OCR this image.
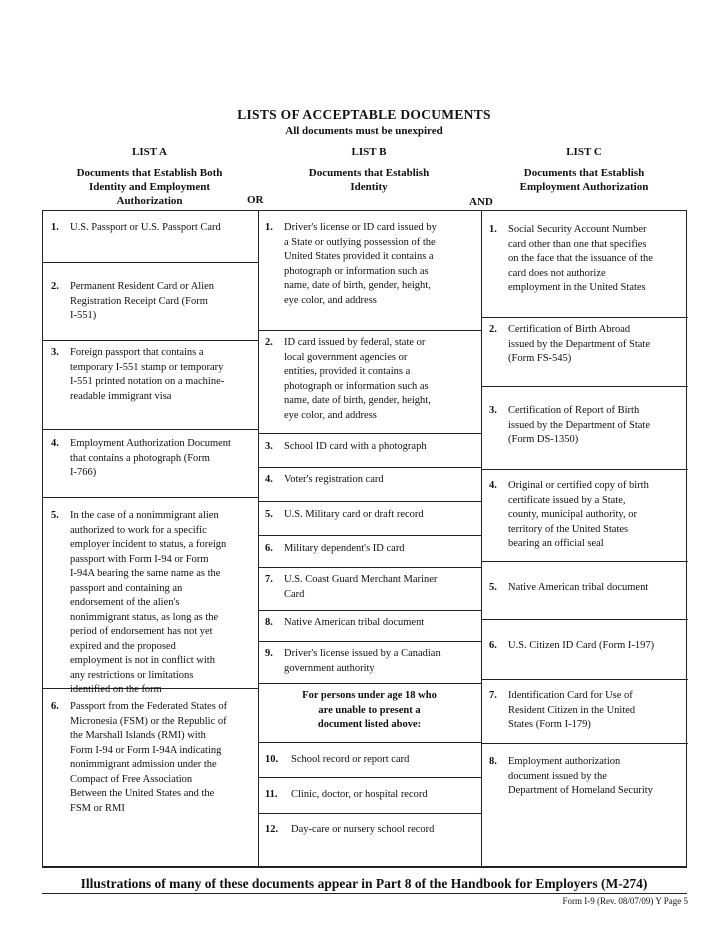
LISTS OF ACCEPTABLE DOCUMENTS
All documents must be unexpired
LIST A	LIST B	LIST C
Documents that Establish Both
Identity and Employment
Authorization
Documents that Establish
Identity
Documents that Establish
Employment Authorization
OR	AND
1. U.S. Passport or U.S. Passport Card
2. Permanent Resident Card or Alien
Registration Receipt Card (Form
I-551)
3. Foreign passport that contains a
temporary I-551 stamp or temporary
I-551 printed notation on a machine-
readable immigrant visa
4. Employment Authorization Document
that contains a photograph (Form
I-766)
5. In the case of a nonimmigrant alien
authorized to work for a specific
employer incident to status, a foreign
passport with Form I-94 or Form
I-94A bearing the same name as the
passport and containing an
endorsement of the alien's
nonimmigrant status, as long as the
period of endorsement has not yet
expired and the proposed
employment is not in conflict with
any restrictions or limitations
identified on the form
6. Passport from the Federated States of
Micronesia (FSM) or the Republic of
the Marshall Islands (RMI) with
Form I-94 or Form I-94A indicating
nonimmigrant admission under the
Compact of Free Association
Between the United States and the
FSM or RMI
1. Driver's license or ID card issued by
a State or outlying possession of the
United States provided it contains a
photograph or information such as
name, date of birth, gender, height,
eye color, and address
2. ID card issued by federal, state or
local government agencies or
entities, provided it contains a
photograph or information such as
name, date of birth, gender, height,
eye color, and address
3. School ID card with a photograph
4. Voter's registration card
5. U.S. Military card or draft record
6. Military dependent's ID card
7. U.S. Coast Guard Merchant Mariner
Card
8. Native American tribal document
9. Driver's license issued by a Canadian
government authority
For persons under age 18 who
are unable to present a
document listed above:
10. School record or report card
11. Clinic, doctor, or hospital record
12. Day-care or nursery school record
1. Social Security Account Number
card other than one that specifies
on the face that the issuance of the
card does not authorize
employment in the United States
2. Certification of Birth Abroad
issued by the Department of State
(Form FS-545)
3. Certification of Report of Birth
issued by the Department of State
(Form DS-1350)
4. Original or certified copy of birth
certificate issued by a State,
county, municipal authority, or
territory of the United States
bearing an official seal
5. Native American tribal document
6. U.S. Citizen ID Card (Form I-197)
7. Identification Card for Use of
Resident Citizen in the United
States (Form I-179)
8. Employment authorization
document issued by the
Department of Homeland Security
Illustrations of many of these documents appear in Part 8 of the Handbook for Employers (M-274)
Form I-9 (Rev. 08/07/09) Y Page 5
